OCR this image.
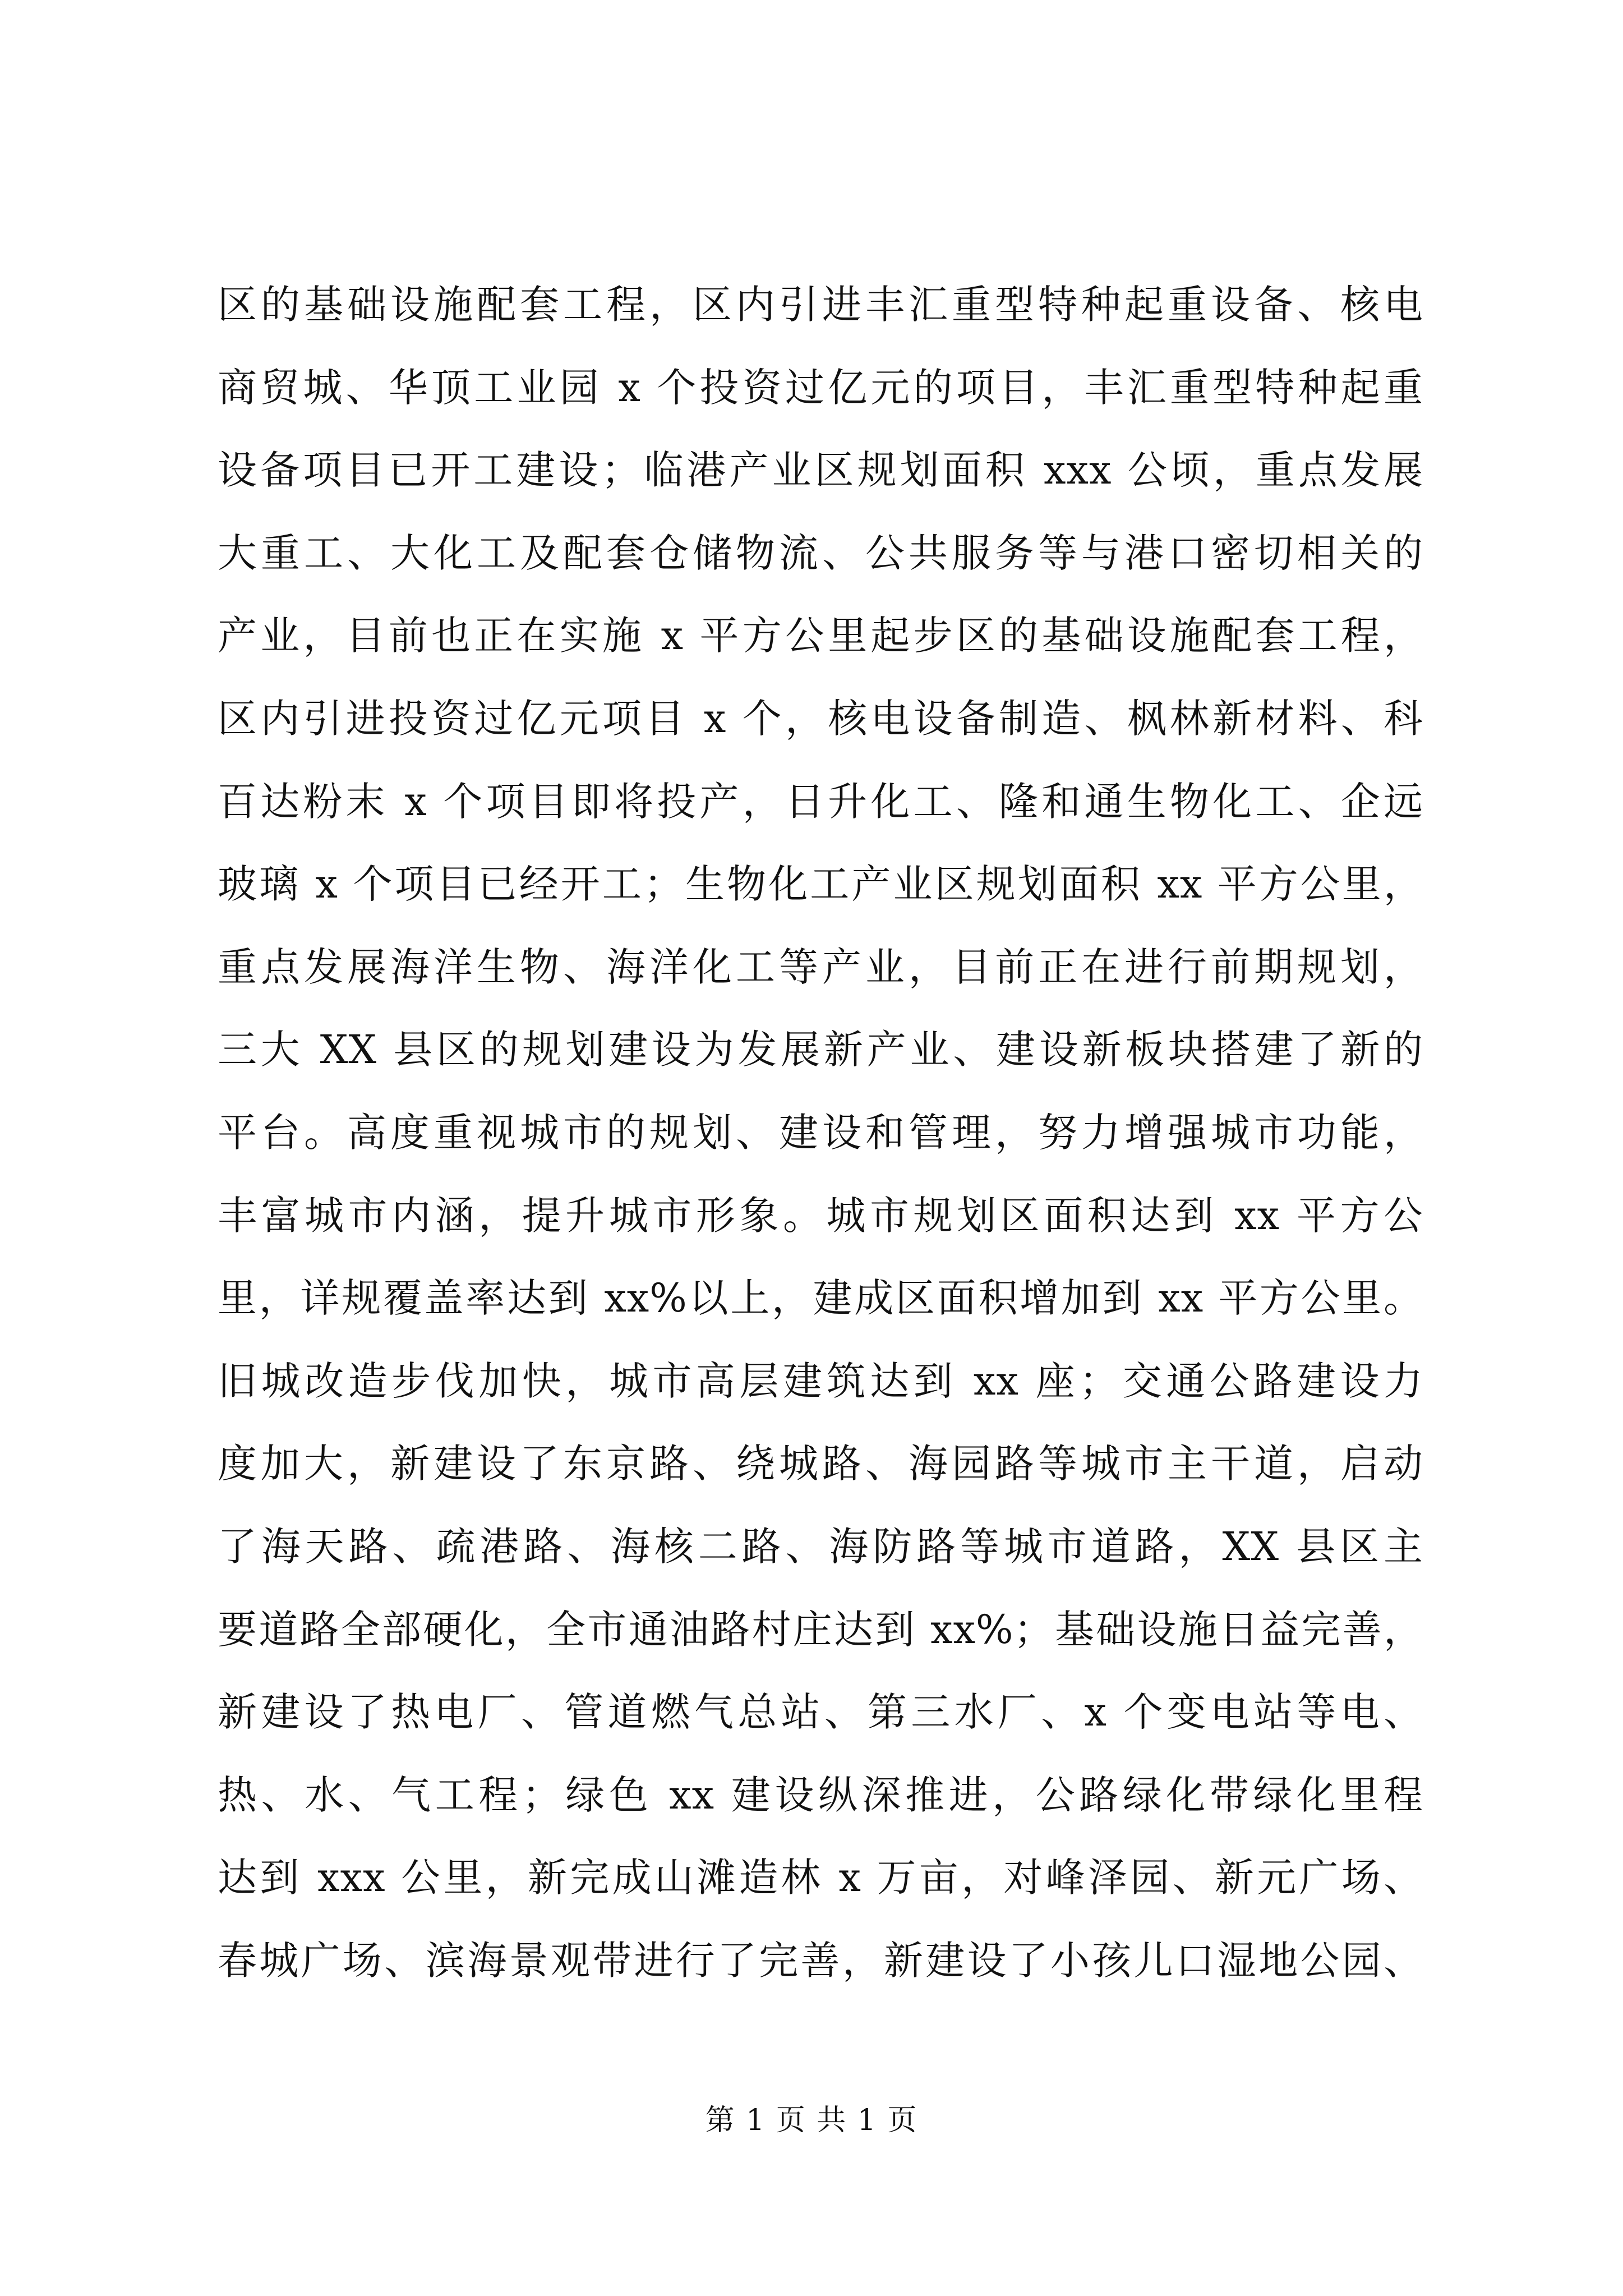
区的基础设施配套工程，区内引进丰汇重型特种起重设备、核电
商贸城、华顶工业园 x 个投资过亿元的项目，丰汇重型特种起重
设备项目已开工建设；临港产业区规划面积 xxx 公顷，重点发展
大重工、大化工及配套仓储物流、公共服务等与港口密切相关的
产业，目前也正在实施 x 平方公里起步区的基础设施配套工程，
区内引进投资过亿元项目 x 个，核电设备制造、枫林新材料、科
百达粉末 x 个项目即将投产，日升化工、隆和通生物化工、企远
玻璃 x 个项目已经开工；生物化工产业区规划面积 xx 平方公里，
重点发展海洋生物、海洋化工等产业，目前正在进行前期规划，
三大 XX 县区的规划建设为发展新产业、建设新板块搭建了新的
平台。高度重视城市的规划、建设和管理，努力增强城市功能，
丰富城市内涵，提升城市形象。城市规划区面积达到 xx 平方公
里，详规覆盖率达到 xx%以上，建成区面积增加到 xx 平方公里。
旧城改造步伐加快，城市高层建筑达到 xx 座；交通公路建设力
度加大，新建设了东京路、绕城路、海园路等城市主干道，启动
了海天路、疏港路、海核二路、海防路等城市道路，XX 县区主
要道路全部硬化，全市通油路村庄达到 xx%；基础设施日益完善，
新建设了热电厂、管道燃气总站、第三水厂、x 个变电站等电、
热、水、气工程；绿色 xx 建设纵深推进，公路绿化带绿化里程
达到 xxx 公里，新完成山滩造林 x 万亩，对峰泽园、新元广场、
春城广场、滨海景观带进行了完善，新建设了小孩儿口湿地公园、
第 1 页 共 1 页
